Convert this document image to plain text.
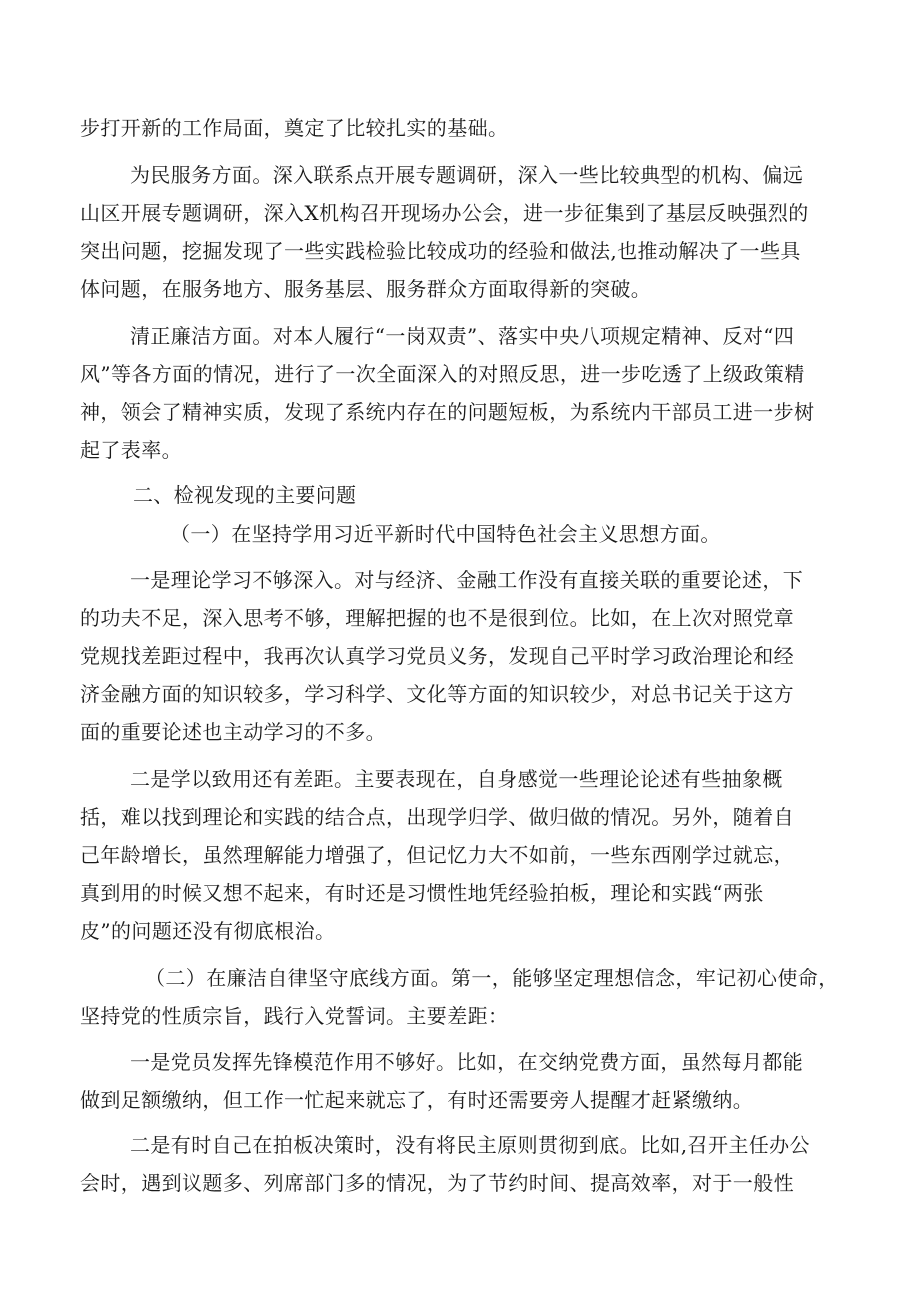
步打开新的工作局面，奠定了比较扎实的基础。
为民服务方面。深入联系点开展专题调研，深入一些比较典型的机构、偏远
山区开展专题调研，深入X机构召开现场办公会，进一步征集到了基层反映强烈的
突出问题，挖掘发现了一些实践检验比较成功的经验和做法,也推动解决了一些具
体问题，在服务地方、服务基层、服务群众方面取得新的突破。
清正廉洁方面。对本人履行“一岗双责”、落实中央八项规定精神、反对“四
风”等各方面的情况，进行了一次全面深入的对照反思，进一步吃透了上级政策精
神，领会了精神实质，发现了系统内存在的问题短板，为系统内干部员工进一步树
起了表率。
二、检视发现的主要问题
（一）在坚持学用习近平新时代中国特色社会主义思想方面。
一是理论学习不够深入。对与经济、金融工作没有直接关联的重要论述，下
的功夫不足，深入思考不够，理解把握的也不是很到位。比如，在上次对照党章
党规找差距过程中，我再次认真学习党员义务，发现自己平时学习政治理论和经
济金融方面的知识较多，学习科学、文化等方面的知识较少，对总书记关于这方
面的重要论述也主动学习的不多。
二是学以致用还有差距。主要表现在，自身感觉一些理论论述有些抽象概
括，难以找到理论和实践的结合点，出现学归学、做归做的情况。另外，随着自
己年龄增长，虽然理解能力增强了，但记忆力大不如前，一些东西刚学过就忘，
真到用的时候又想不起来，有时还是习惯性地凭经验拍板，理论和实践“两张
皮”的问题还没有彻底根治。
（二）在廉洁自律坚守底线方面。第一，能够坚定理想信念，牢记初心使命，
坚持党的性质宗旨，践行入党誓词。主要差距：
一是党员发挥先锋模范作用不够好。比如，在交纳党费方面，虽然每月都能
做到足额缴纳，但工作一忙起来就忘了，有时还需要旁人提醒才赶紧缴纳。
二是有时自己在拍板决策时，没有将民主原则贯彻到底。比如,召开主任办公
会时，遇到议题多、列席部门多的情况，为了节约时间、提高效率，对于一般性
